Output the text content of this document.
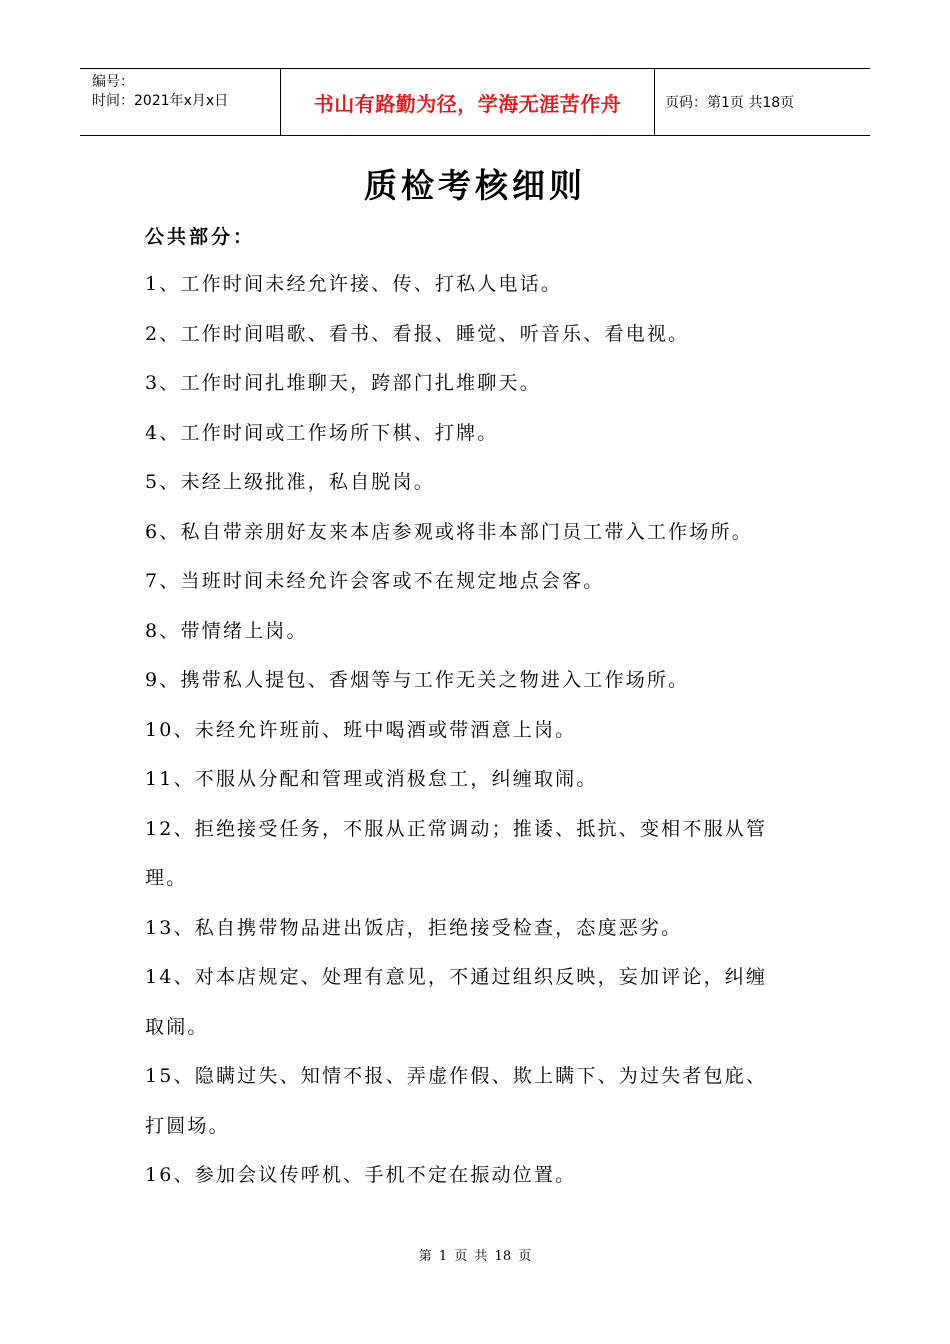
编号：
时间：2021年x月x日	书山有路勤为径，学海无涯苦作舟	页码：第1页 共18页
质检考核细则
公共部分：
1、工作时间未经允许接、传、打私人电话。
2、工作时间唱歌、看书、看报、睡觉、听音乐、看电视。
3、工作时间扎堆聊天，跨部门扎堆聊天。
4、工作时间或工作场所下棋、打牌。
5、未经上级批准，私自脱岗。
6、私自带亲朋好友来本店参观或将非本部门员工带入工作场所。
7、当班时间未经允许会客或不在规定地点会客。
8、带情绪上岗。
9、携带私人提包、香烟等与工作无关之物进入工作场所。
10、未经允许班前、班中喝酒或带酒意上岗。
11、不服从分配和管理或消极怠工，纠缠取闹。
12、拒绝接受任务，不服从正常调动；推诿、抵抗、变相不服从管
理。
13、私自携带物品进出饭店，拒绝接受检查，态度恶劣。
14、对本店规定、处理有意见，不通过组织反映，妄加评论，纠缠
取闹。
15、隐瞒过失、知情不报、弄虚作假、欺上瞒下、为过失者包庇、
打圆场。
16、参加会议传呼机、手机不定在振动位置。
第 1 页 共 18 页
